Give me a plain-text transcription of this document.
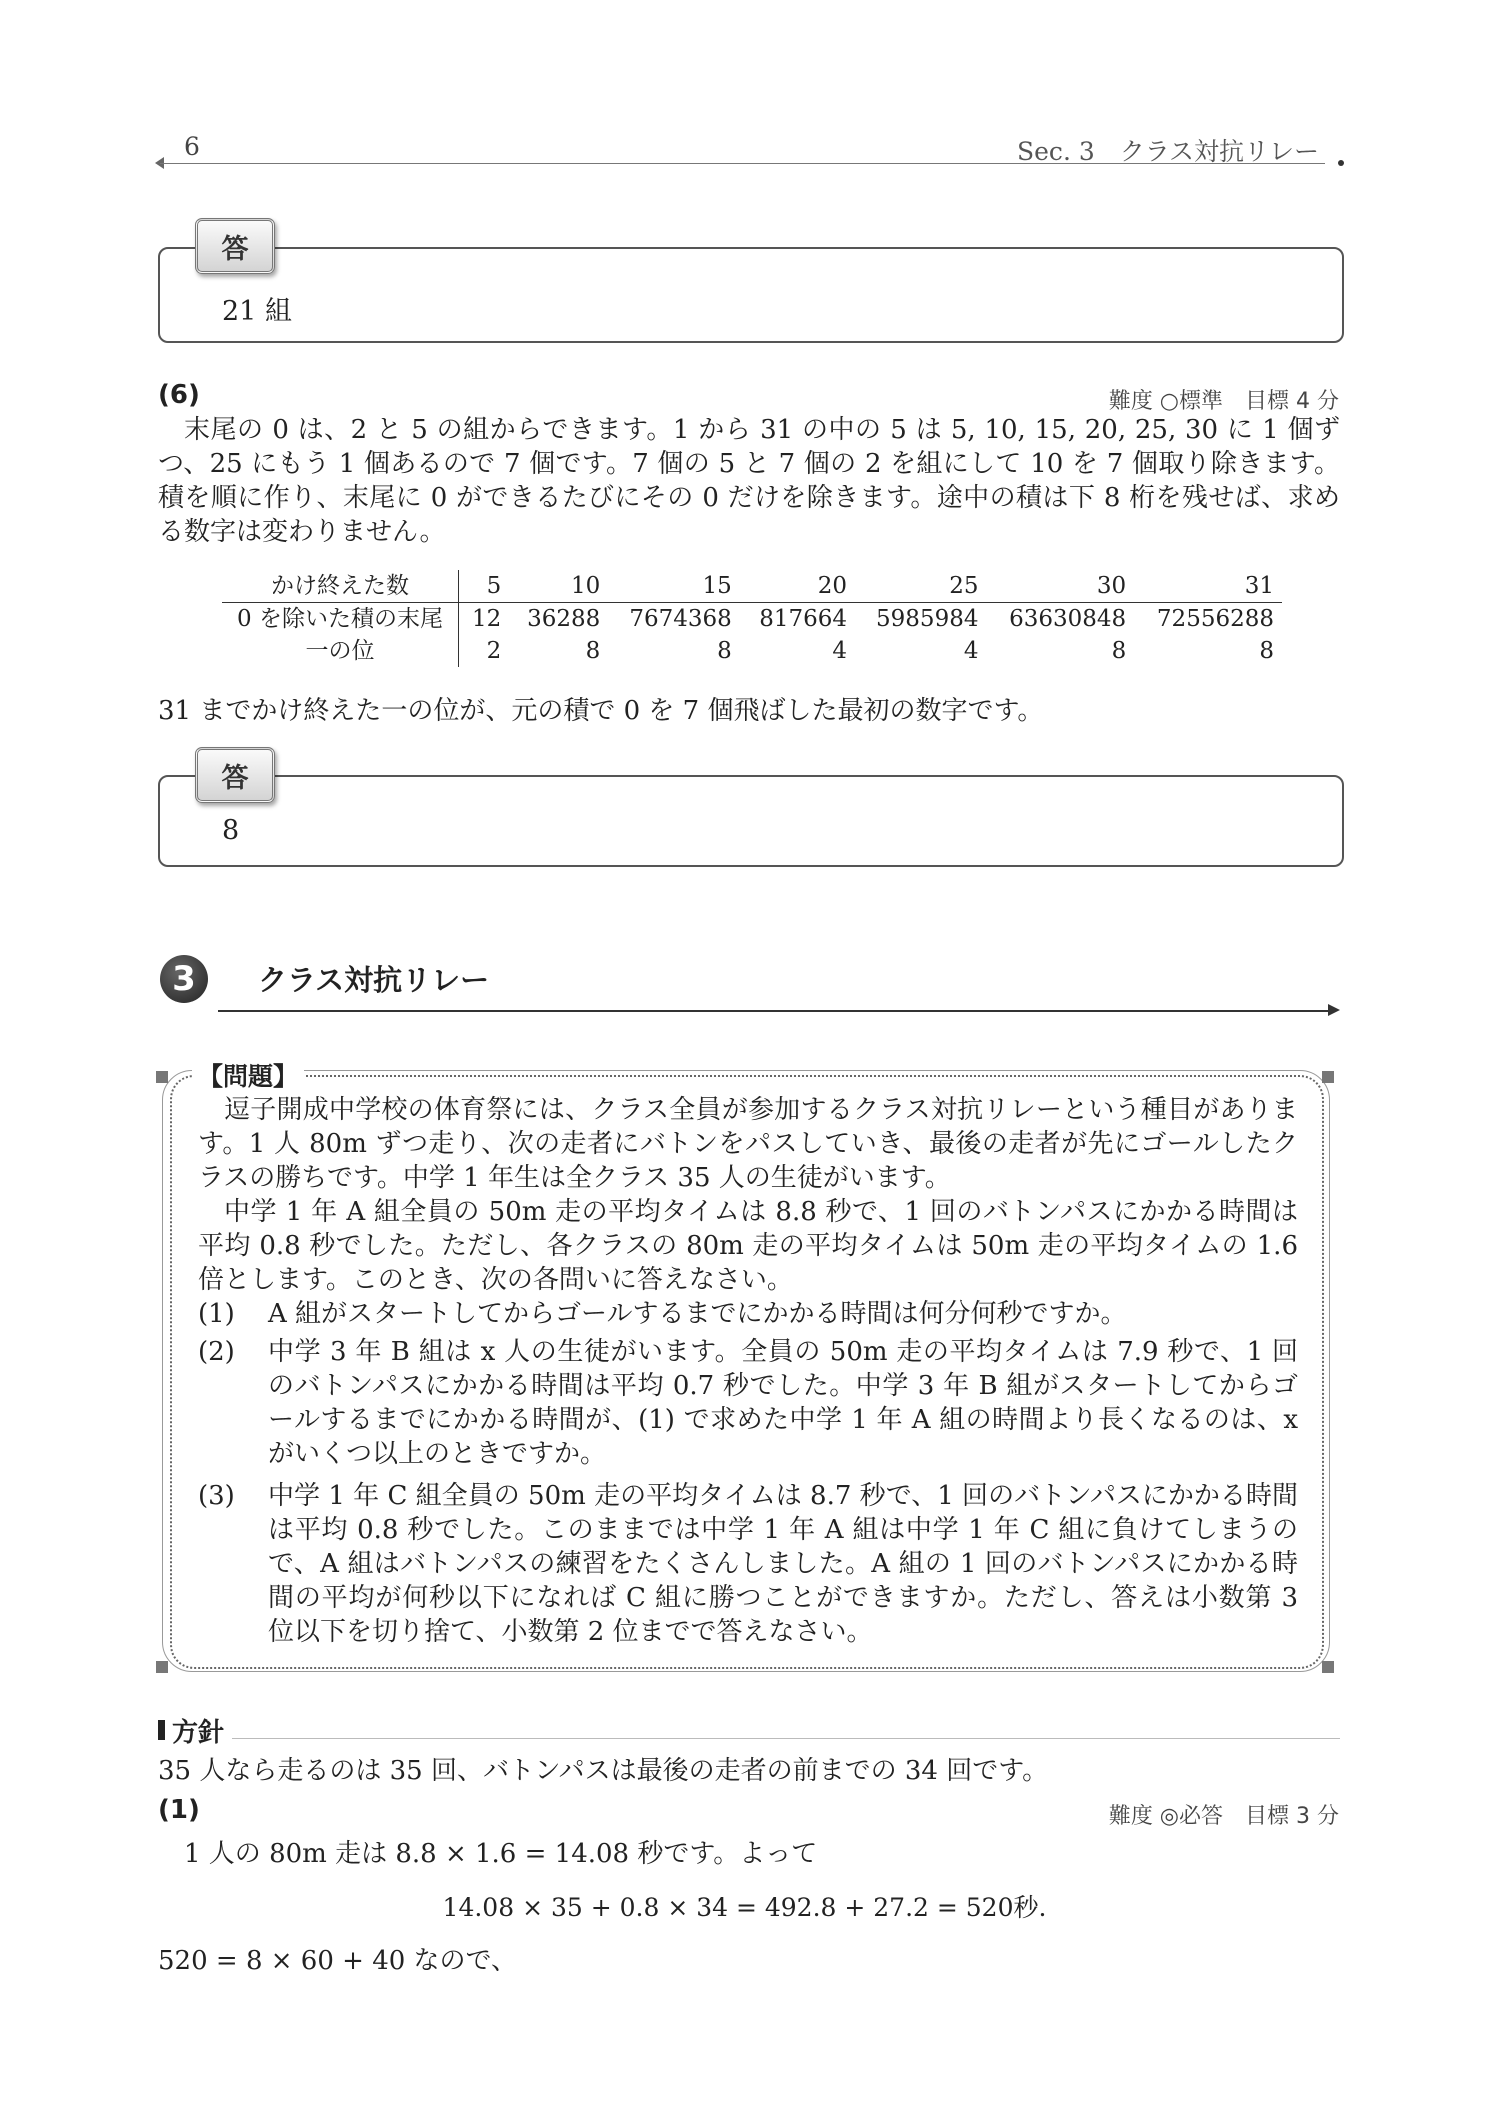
6	Sec. 3　クラス対抗リレー
答
21 組
(6)	難度 ○標準　目標 4 分
末尾の 0 は、2 と 5 の組からできます。1 から 31 の中の 5 は 5, 10, 15, 20, 25, 30 に 1 個ずつ、25 にもう 1 個あるので 7 個です。7 個の 5 と 7 個の 2 を組にして 10 を 7 個取り除きます。積を順に作り、末尾に 0 ができるたびにその 0 だけを除きます。途中の積は下 8 桁を残せば、求める数字は変わりません。
かけ終えた数	5	10	15	20	25	30	31
0 を除いた積の末尾	12	36288	7674368	817664	5985984	63630848	72556288
一の位	2	8	8	4	4	8	8
31 までかけ終えた一の位が、元の積で 0 を 7 個飛ばした最初の数字です。
答
8
3	クラス対抗リレー
【問題】

逗子開成中学校の体育祭には、クラス全員が参加するクラス対抗リレーという種目があります。1 人 80m ずつ走り、次の走者にバトンをパスしていき、最後の走者が先にゴールしたクラスの勝ちです。中学 1 年生は全クラス 35 人の生徒がいます。

中学 1 年 A 組全員の 50m 走の平均タイムは 8.8 秒で、1 回のバトンパスにかかる時間は平均 0.8 秒でした。ただし、各クラスの 80m 走の平均タイムは 50m 走の平均タイムの 1.6 倍とします。このとき、次の各問いに答えなさい。

(1) A 組がスタートしてからゴールするまでにかかる時間は何分何秒ですか。
(2) 中学 3 年 B 組は x 人の生徒がいます。全員の 50m 走の平均タイムは 7.9 秒で、1 回のバトンパスにかかる時間は平均 0.7 秒でした。中学 3 年 B 組がスタートしてからゴールするまでにかかる時間が、(1) で求めた中学 1 年 A 組の時間より長くなるのは、x がいくつ以上のときですか。
(3) 中学 1 年 C 組全員の 50m 走の平均タイムは 8.7 秒で、1 回のバトンパスにかかる時間は平均 0.8 秒でした。このままでは中学 1 年 A 組は中学 1 年 C 組に負けてしまうので、A 組はバトンパスの練習をたくさんしました。A 組の 1 回のバトンパスにかかる時間の平均が何秒以下になれば C 組に勝つことができますか。ただし、答えは小数第 3 位以下を切り捨て、小数第 2 位までで答えなさい。
方針
35 人なら走るのは 35 回、バトンパスは最後の走者の前までの 34 回です。
(1)	難度 ◎必答　目標 3 分
1 人の 80m 走は 8.8 × 1.6 = 14.08 秒です。よって
14.08 × 35 + 0.8 × 34 = 492.8 + 27.2 = 520秒.
520 = 8 × 60 + 40 なので、
